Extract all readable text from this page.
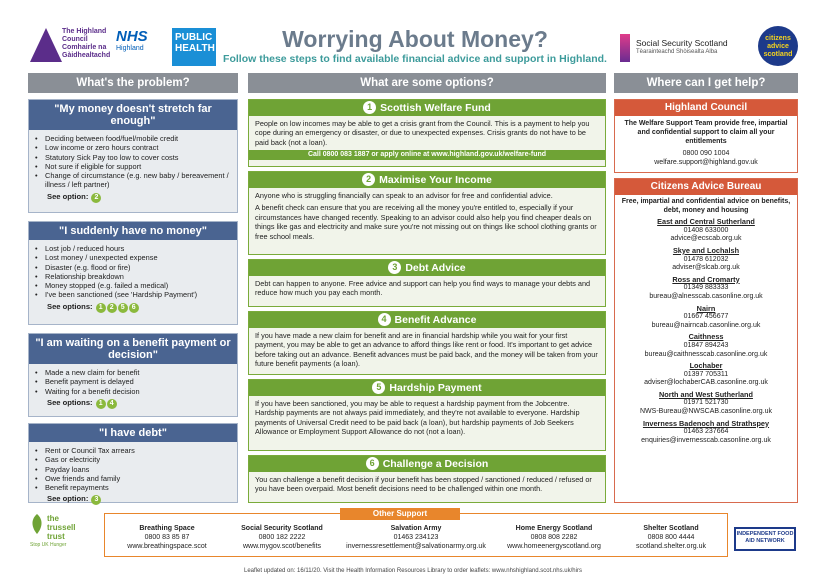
The Highland
Council
Comhairle na
Gàidhealtachd
NHS
Highland
PUBLIC HEALTH	Worrying About Money?
Follow these steps to find available financial advice and support in Highland.
Social Security Scotland
Tèarainteachd Shòisealta Alba
citizens advice scotland
What's the problem?	What are some options?	Where can I get help?
"My money doesn't stretch far enough"
• Deciding between food/fuel/mobile credit
• Low income or zero hours contract
• Statutory Sick Pay too low to cover costs
• Not sure if eligible for support
• Change of circumstance (e.g. new baby / bereavement / illness / left partner)
See option: 2
"I suddenly have no money"
• Lost job / reduced hours
• Lost money / unexpected expense
• Disaster (e.g. flood or fire)
• Relationship breakdown
• Money stopped (e.g. failed a medical)
• I've been sanctioned (see 'Hardship Payment')
See options: 1 2 5 6
"I am waiting on a benefit payment or decision"
• Made a new claim for benefit
• Benefit payment is delayed
• Waiting for a benefit decision
See options: 1 4
"I have debt"
• Rent or Council Tax arrears
• Gas or electricity
• Payday loans
• Owe friends and family
• Benefit repayments
See option: 3
1 Scottish Welfare Fund
People on low incomes may be able to get a crisis grant from the Council. This is a payment to help you cope during an emergency or disaster, or due to unexpected expenses. Crisis grants do not have to be paid back (not a loan).
Call 0800 083 1887 or apply online at www.highland.gov.uk/welfare-fund
2 Maximise Your Income
Anyone who is struggling financially can speak to an advisor for free and confidential advice.
A benefit check can ensure that you are receiving all the money you're entitled to, especially if your circumstances have changed recently. Speaking to an advisor could also help you find cheaper deals on things like gas and electricity and make sure you're not missing out on things like school clothing grants or free school meals.
3 Debt Advice
Debt can happen to anyone. Free advice and support can help you find ways to manage your debts and reduce how much you pay each month.
4 Benefit Advance
If you have made a new claim for benefit and are in financial hardship while you wait for your first payment, you may be able to get an advance to afford things like rent or food. It's important to get advice before taking out an advance. Benefit advances must be paid back, and the money will be taken from your future benefit payments (a loan).
5 Hardship Payment
If you have been sanctioned, you may be able to request a hardship payment from the Jobcentre. Hardship payments are not always paid immediately, and they're not available to everyone. Hardship payments of Universal Credit need to be paid back (a loan), but hardship payments of Job Seekers Allowance or Employment Support Allowance do not (not a loan).
6 Challenge a Decision
You can challenge a benefit decision if your benefit has been stopped / sanctioned / reduced / refused or you have been overpaid. Most benefit decisions need to be challenged within one month.
Highland Council
The Welfare Support Team provide free, impartial and confidential support to claim all your entitlements
0800 090 1004
welfare.support@highland.gov.uk
Citizens Advice Bureau
Free, impartial and confidential advice on benefits, debt, money and housing
East and Central Sutherland
01408 633000
advice@ecscab.org.uk
Skye and Lochalsh
01478 612032
adviser@slcab.org.uk
Ross and Cromarty
01349 883333
bureau@alnesscab.casonline.org.uk
Nairn
01667 456677
bureau@nairncab.casonline.org.uk
Caithness
01847 894243
bureau@caithnesscab.casonline.org.uk
Lochaber
01397 705311
adviser@lochaberCAB.casonline.org.uk
North and West Sutherland
01971 521730
NWS-Bureau@NWSCAB.casonline.org.uk
Inverness Badenoch and Strathspey
01463 237664
enquiries@invernesscab.casonline.org.uk
the
trussell
trust
Stop UK Hunger
Breathing Space
0800 83 85 87
www.breathingspace.scot
Social Security Scotland
0800 182 2222
www.mygov.scot/benefits
Salvation Army
01463 234123
invernessresettlement@salvationarmy.org.uk
Home Energy Scotland
0808 808 2282
www.homeenergyscotland.org
Shelter Scotland
0808 800 4444
scotland.shelter.org.uk
Other Support
INDEPENDENT FOOD AID NETWORK
Leaflet updated on: 16/11/20. Visit the Health Information Resources Library to order leaflets: www.nhshighland.scot.nhs.uk/hirs
